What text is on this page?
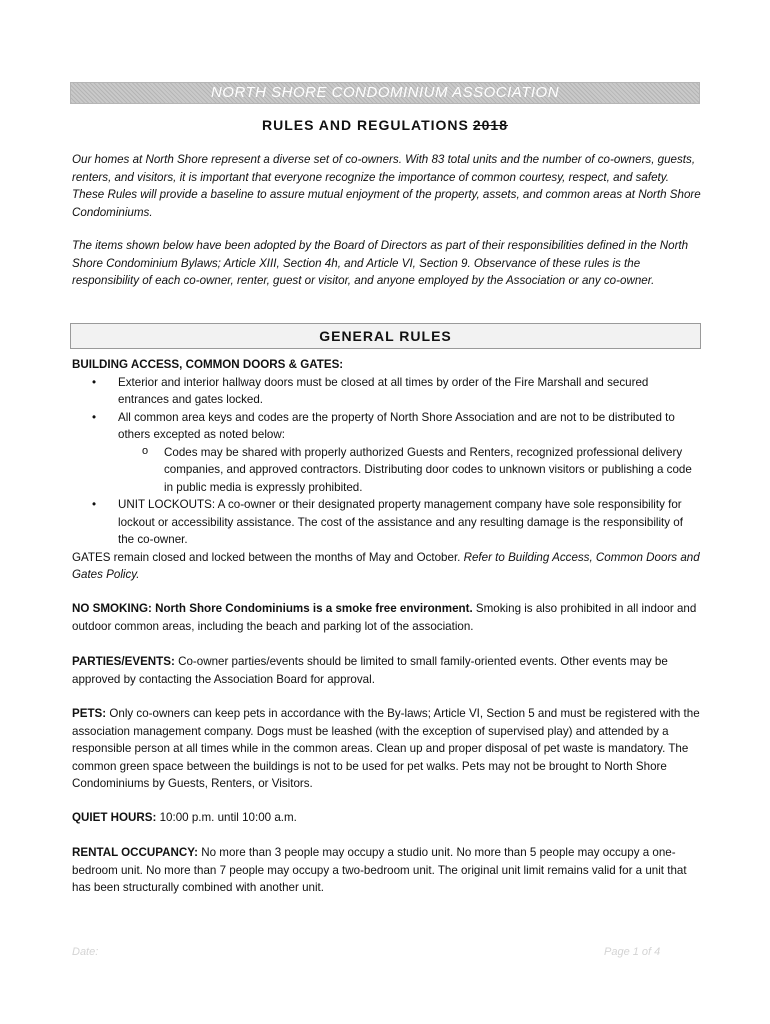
NORTH SHORE CONDOMINIUM ASSOCIATION
RULES AND REGULATIONS 2018

Our homes at North Shore represent a diverse set of co-owners. With 83 total units and the number of co-owners, guests, renters, and visitors, it is important that everyone recognize the importance of common courtesy, respect, and safety. These Rules will provide a baseline to assure mutual enjoyment of the property, assets, and common areas at North Shore Condominiums.

The items shown below have been adopted by the Board of Directors as part of their responsibilities defined in the North Shore Condominium Bylaws; Article XIII, Section 4h, and Article VI, Section 9. Observance of these rules is the responsibility of each co-owner, renter, guest or visitor, and anyone employed by the Association or any co-owner.

GENERAL RULES

BUILDING ACCESS, COMMON DOORS & GATES:

• Exterior and interior hallway doors must be closed at all times by order of the Fire Marshall and secured entrances and gates locked.
• All common area keys and codes are the property of North Shore Association and are not to be distributed to others excepted as noted below:
o Codes may be shared with properly authorized Guests and Renters, recognized professional delivery companies, and approved contractors. Distributing door codes to unknown visitors or publishing a code in public media is expressly prohibited.
• UNIT LOCKOUTS: A co-owner or their designated property management company have sole responsibility for lockout or accessibility assistance. The cost of the assistance and any resulting damage is the responsibility of the co-owner.

GATES remain closed and locked between the months of May and October. Refer to Building Access, Common Doors and Gates Policy.

NO SMOKING: North Shore Condominiums is a smoke free environment. Smoking is also prohibited in all indoor and outdoor common areas, including the beach and parking lot of the association.

PARTIES/EVENTS: Co-owner parties/events should be limited to small family-oriented events. Other events may be approved by contacting the Association Board for approval.

PETS: Only co-owners can keep pets in accordance with the By-laws; Article VI, Section 5 and must be registered with the association management company. Dogs must be leashed (with the exception of supervised play) and attended by a responsible person at all times while in the common areas. Clean up and proper disposal of pet waste is mandatory. The common green space between the buildings is not to be used for pet walks. Pets may not be brought to North Shore Condominiums by Guests, Renters, or Visitors.

QUIET HOURS: 10:00 p.m. until 10:00 a.m.

RENTAL OCCUPANCY: No more than 3 people may occupy a studio unit. No more than 5 people may occupy a one-bedroom unit. No more than 7 people may occupy a two-bedroom unit. The original unit limit remains valid for a unit that has been structurally combined with another unit.

Date:	Page 1 of 4
